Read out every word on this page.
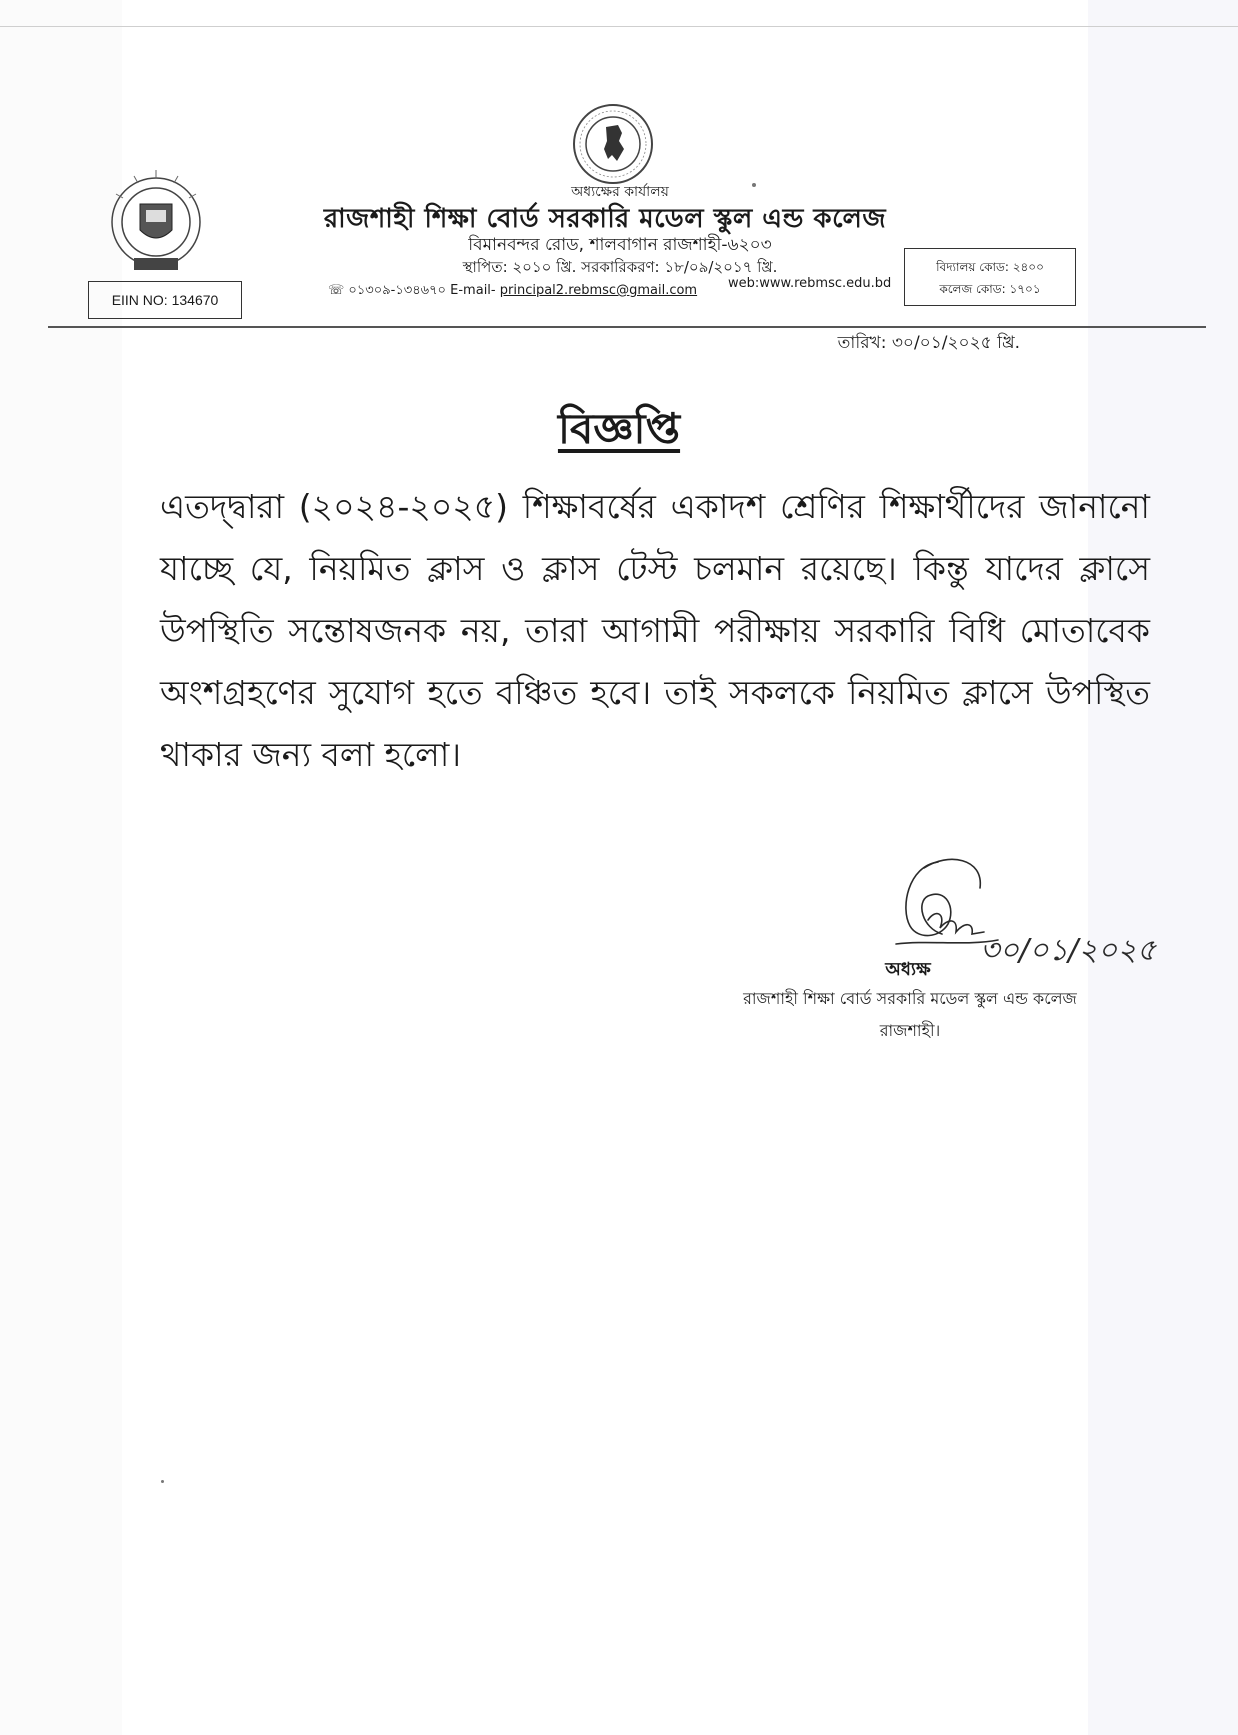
অধ্যক্ষের কার্যালয়
রাজশাহী শিক্ষা বোর্ড সরকারি মডেল স্কুল এন্ড কলেজ
বিমানবন্দর রোড, শালবাগান রাজশাহী-৬২০৩
স্থাপিত: ২০১০ খ্রি. সরকারিকরণ: ১৮/০৯/২০১৭ খ্রি.
☏ ০১৩০৯-১৩৪৬৭০ E-mail- principal2.rebmsc@gmail.com	web:www.rebmsc.edu.bd
EIIN NO: 134670
বিদ্যালয় কোড: ২৪০০
কলেজ কোড: ১৭০১
তারিখ: ৩০/০১/২০২৫ খ্রি.
বিজ্ঞপ্তি
এতদ্দ্বারা (২০২৪-২০২৫) শিক্ষাবর্ষের একাদশ শ্রেণির শিক্ষার্থীদের জানানো যাচ্ছে যে, নিয়মিত ক্লাস ও ক্লাস টেস্ট চলমান রয়েছে। কিন্তু যাদের ক্লাসে উপস্থিতি সন্তোষজনক নয়, তারা আগামী পরীক্ষায় সরকারি বিধি মোতাবেক অংশগ্রহণের সুযোগ হতে বঞ্চিত হবে। তাই সকলকে নিয়মিত ক্লাসে উপস্থিত থাকার জন্য বলা হলো।
৩০/০১/২০২৫
অধ্যক্ষ
রাজশাহী শিক্ষা বোর্ড সরকারি মডেল স্কুল এন্ড কলেজ
রাজশাহী।
